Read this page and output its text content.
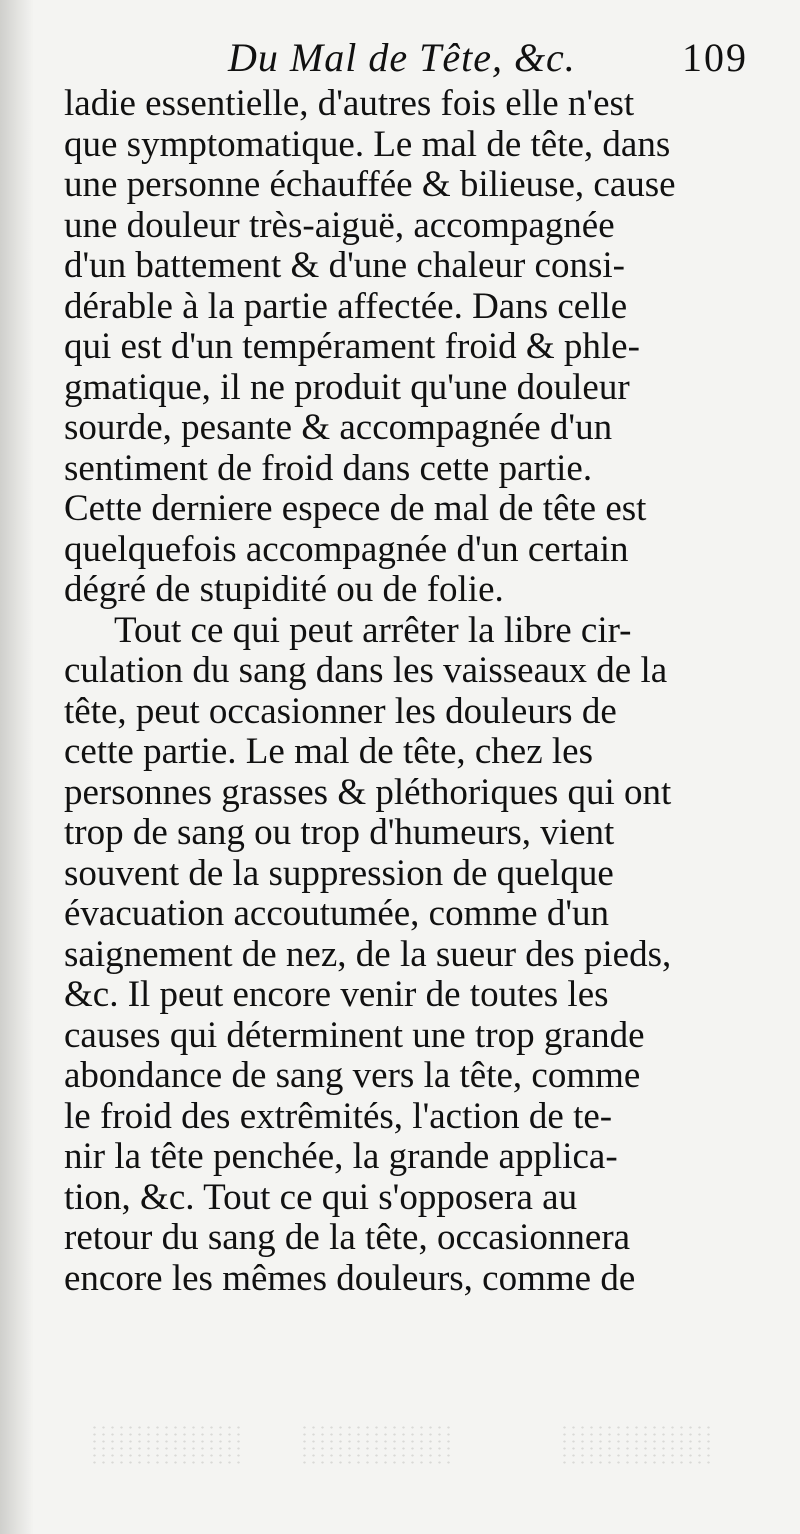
Du Mal de Tête, &c.	109
ladie essentielle, d'autres fois elle n'est
que symptomatique. Le mal de tête, dans
une personne échauffée & bilieuse, cause
une douleur très-aiguë, accompagnée
d'un battement & d'une chaleur consi-
dérable à la partie affectée. Dans celle
qui est d'un tempérament froid & phle-
gmatique, il ne produit qu'une douleur
sourde, pesante & accompagnée d'un
sentiment de froid dans cette partie.
Cette derniere espece de mal de tête est
quelquefois accompagnée d'un certain
dégré de stupidité ou de folie.
Tout ce qui peut arrêter la libre cir-
culation du sang dans les vaisseaux de la
tête, peut occasionner les douleurs de
cette partie. Le mal de tête, chez les
personnes grasses & pléthoriques qui ont
trop de sang ou trop d'humeurs, vient
souvent de la suppression de quelque
évacuation accoutumée, comme d'un
saignement de nez, de la sueur des pieds,
&c. Il peut encore venir de toutes les
causes qui déterminent une trop grande
abondance de sang vers la tête, comme
le froid des extrêmités, l'action de te-
nir la tête penchée, la grande applica-
tion, &c. Tout ce qui s'opposera au
retour du sang de la tête, occasionnera
encore les mêmes douleurs, comme de
